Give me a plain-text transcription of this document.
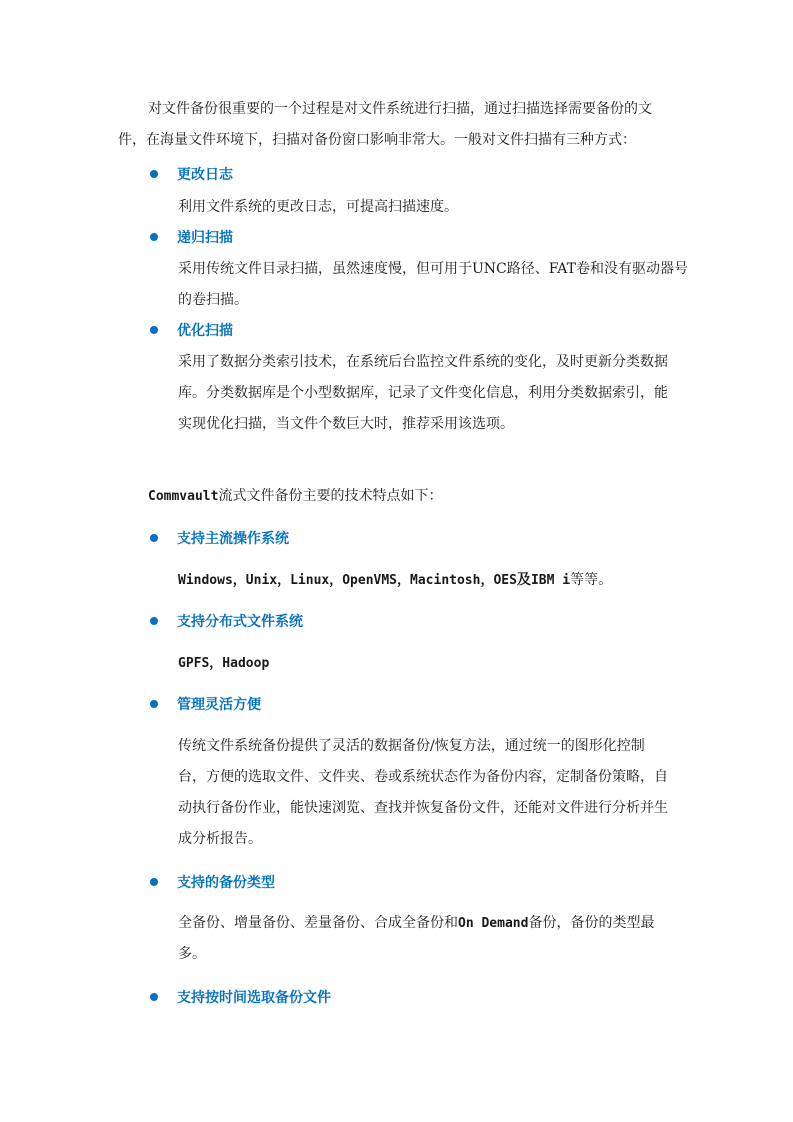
对文件备份很重要的一个过程是对文件系统进行扫描，通过扫描选择需要备份的文
件，在海量文件环境下，扫描对备份窗口影响非常大。一般对文件扫描有三种方式：

更改日志

利用文件系统的更改日志，可提高扫描速度。

递归扫描

采用传统文件目录扫描，虽然速度慢，但可用于UNC路径、FAT卷和没有驱动器号
的卷扫描。

优化扫描

采用了数据分类索引技术，在系统后台监控文件系统的变化，及时更新分类数据
库。分类数据库是个小型数据库，记录了文件变化信息，利用分类数据索引，能
实现优化扫描，当文件个数巨大时，推荐采用该选项。

Commvault流式文件备份主要的技术特点如下：
支持主流操作系统

Windows，Unix，Linux，OpenVMS，Macintosh，OES及IBM i等等。

支持分布式文件系统

GPFS，Hadoop

管理灵活方便

传统文件系统备份提供了灵活的数据备份/恢复方法，通过统一的图形化控制
台，方便的选取文件、文件夹、卷或系统状态作为备份内容，定制备份策略，自
动执行备份作业，能快速浏览、查找并恢复备份文件，还能对文件进行分析并生
成分析报告。

支持的备份类型

全备份、增量备份、差量备份、合成全备份和On Demand备份，备份的类型最
多。

支持按时间选取备份文件
